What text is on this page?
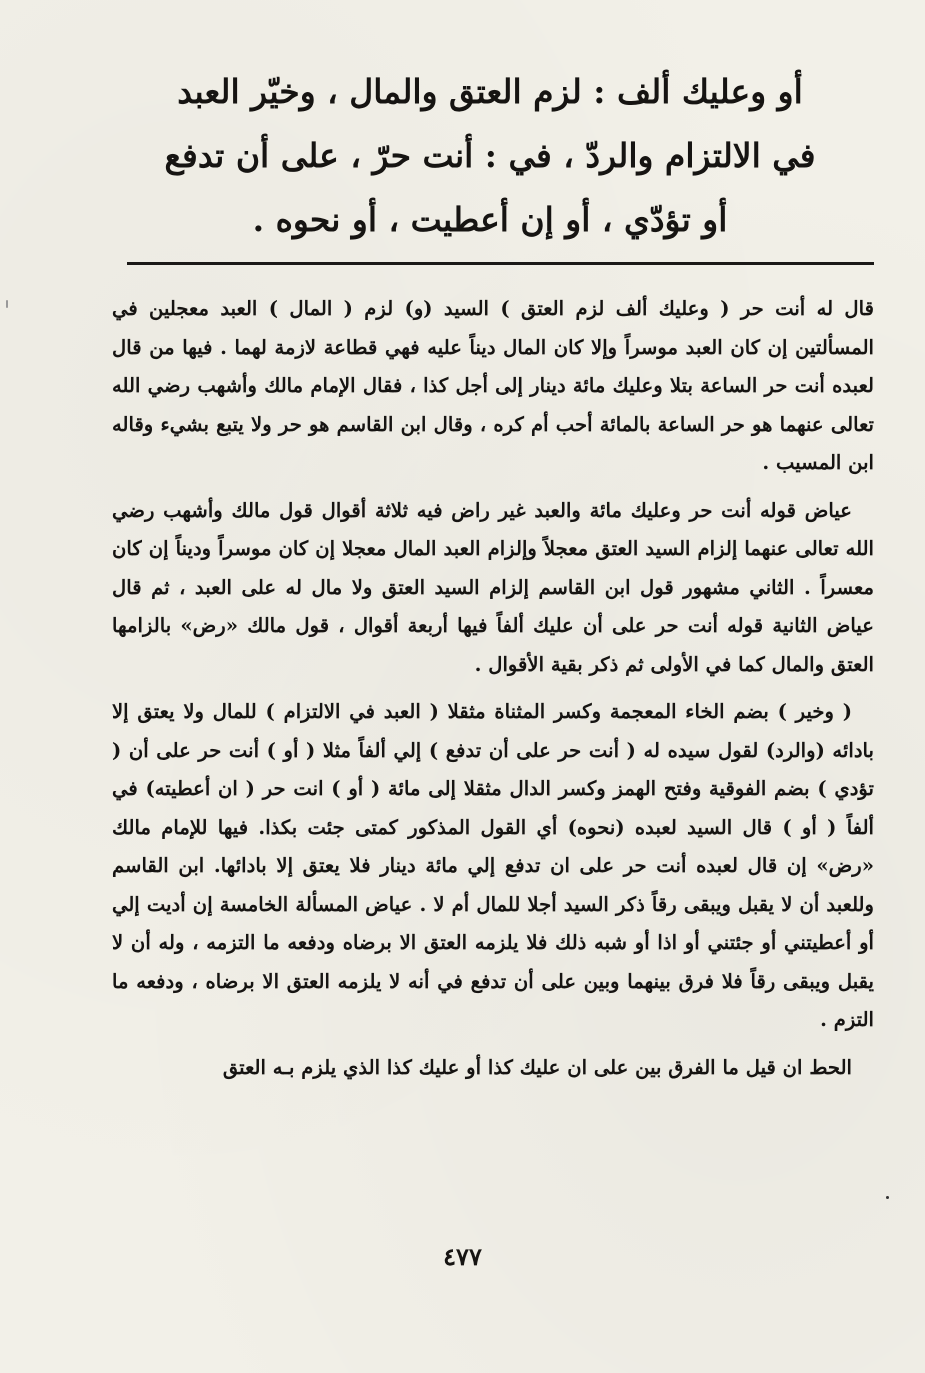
أو وعليك ألف : لزم العتق والمال ، وخيّر العبد في الالتزام والردّ ، في : أنت حرّ ، على أن تدفع أو تؤدّي ، أو إن أعطيت ، أو نحوه .

قال له أنت حر ( وعليك ألف لزم العتق ) السيد (و) لزم ( المال ) العبد معجلين في المسألتين إن كان العبد موسراً وإلا كان المال ديناً عليه فهي قطاعة لازمة لهما . فيها من قال لعبده أنت حر الساعة بتلا وعليك مائة دينار إلى أجل كذا ، فقال الإمام مالك وأشهب رضي الله تعالى عنهما هو حر الساعة بالمائة أحب أم كره ، وقال ابن القاسم هو حر ولا يتبع بشيء وقاله ابن المسيب .

عياض قوله أنت حر وعليك مائة والعبد غير راض فيه ثلاثة أقوال قول مالك وأشهب رضي الله تعالى عنهما إلزام السيد العتق معجلاً وإلزام العبد المال معجلا إن كان موسراً وديناً إن كان معسراً . الثاني مشهور قول ابن القاسم إلزام السيد العتق ولا مال له على العبد ، ثم قال عياض الثانية قوله أنت حر على أن عليك ألفاً فيها أربعة أقوال ، قول مالك «رض» بالزامها العتق والمال كما في الأولى ثم ذكر بقية الأقوال .

( وخير ) بضم الخاء المعجمة وكسر المثناة مثقلا ( العبد في الالتزام ) للمال ولا يعتق إلا بادائه (والرد) لقول سيده له ( أنت حر على أن تدفع ) إلي ألفاً مثلا ( أو ) أنت حر على أن ( تؤدي ) بضم الفوقية وفتح الهمز وكسر الدال مثقلا إلى مائة ( أو ) انت حر ( ان أعطيته) في ألفاً ( أو ) قال السيد لعبده (نحوه) أي القول المذكور كمتى جئت بكذا. فيها للإمام مالك «رض» إن قال لعبده أنت حر على ان تدفع إلي مائة دينار فلا يعتق إلا بادائها. ابن القاسم وللعبد أن لا يقبل ويبقى رقاً ذكر السيد أجلا للمال أم لا . عياض المسألة الخامسة إن أديت إلي أو أعطيتني أو جئتني أو اذا أو شبه ذلك فلا يلزمه العتق الا برضاه ودفعه ما التزمه ، وله أن لا يقبل ويبقى رقاً فلا فرق بينهما وبين على أن تدفع في أنه لا يلزمه العتق الا برضاه ، ودفعه ما التزم .

الحط ان قيل ما الفرق بين على ان عليك كذا أو عليك كذا الذي يلزم بـه العتق

٤٧٧
